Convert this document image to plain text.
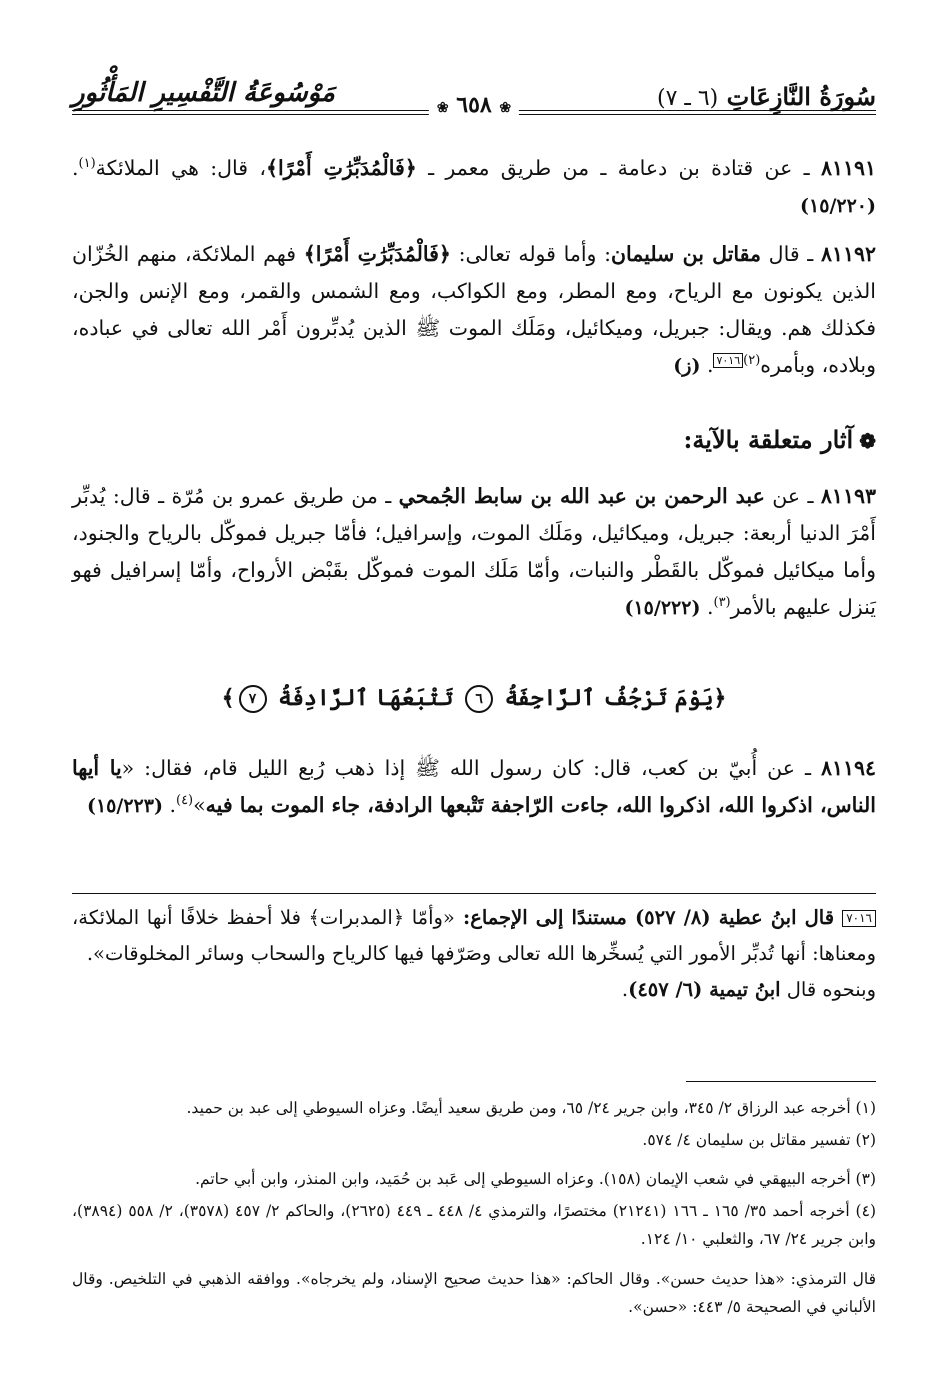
سُورَةُ النَّازِعَاتِ (٦ ـ ٧)
❀ ٦٥٨ ❀
مَوْسُوعَةُ التَّفْسِيرِ المَأْثُورِ
٨١١٩١ ـ عن قتادة بن دعامة ـ من طريق معمر ـ ﴿فَالْمُدَبِّرَٰتِ أَمْرًا﴾، قال: هي الملائكة$^{(١)}$. (١٥/٢٢٠)
٨١١٩٢ ـ قال مقاتل بن سليمان: وأما قوله تعالى: ﴿فَالْمُدَبِّرَٰتِ أَمْرًا﴾ فهم الملائكة، منهم الخُزّان الذين يكونون مع الرياح، ومع المطر، ومع الكواكب، ومع الشمس والقمر، ومع الإنس والجن، فكذلك هم. ويقال: جبريل، وميكائيل، ومَلَك الموت ﷺ الذين يُدبِّرون أَمْر الله تعالى في عباده، وبلاده، وبأمره$^{(٢)}$٧٠١٦. (ز)
❁آثار متعلقة بالآية:
٨١١٩٣ ـ عن عبد الرحمن بن عبد الله بن سابط الجُمحي ـ من طريق عمرو بن مُرّة ـ قال: يُدبِّر أَمْرَ الدنيا أربعة: جبريل، وميكائيل، ومَلَك الموت، وإسرافيل؛ فأمّا جبريل فموكّل بالرياح والجنود، وأما ميكائيل فموكّل بالقَطْر والنبات، وأمّا مَلَك الموت فموكّل بقَبْض الأرواح، وأمّا إسرافيل فهو يَنزل عليهم بالأمر$^{(٣)}$. (١٥/٢٢٢)
﴿يَوْمَ تَرْجُفُ ٱلرَّاجِفَةُ ٦ تَتْبَعُهَا ٱلرَّادِفَةُ ٧﴾
٨١١٩٤ ـ عن أُبيّ بن كعب، قال: كان رسول الله ﷺ إذا ذهب رُبع الليل قام، فقال: «يا أيها الناس، اذكروا الله، اذكروا الله، جاءت الرّاجفة تَتْبعها الرادفة، جاء الموت بما فيه»$^{(٤)}$. (١٥/٢٢٣)
٧٠١٦ قال ابنُ عطية (٨/ ٥٢٧) مستندًا إلى الإجماع: «وأمّا ﴿المدبرات﴾ فلا أحفظ خلافًا أنها الملائكة، ومعناها: أنها تُدبِّر الأمور التي يُسخِّرها الله تعالى وصَرّفها فيها كالرياح والسحاب وسائر المخلوقات».
وبنحوه قال ابنُ تيمية (٦/ ٤٥٧).
(١) أخرجه عبد الرزاق ٢/ ٣٤٥، وابن جرير ٢٤/ ٦٥، ومن طريق سعيد أيضًا. وعزاه السيوطي إلى عبد بن حميد.
(٢) تفسير مقاتل بن سليمان ٤/ ٥٧٤.
(٣) أخرجه البيهقي في شعب الإيمان (١٥٨). وعزاه السيوطي إلى عَبد بن حُمَيد، وابن المنذر، وابن أبي حاتم.
(٤) أخرجه أحمد ٣٥/ ١٦٥ ـ ١٦٦ (٢١٢٤١) مختصرًا، والترمذي ٤/ ٤٤٨ ـ ٤٤٩ (٢٦٢٥)، والحاكم ٢/ ٤٥٧ (٣٥٧٨)، ٢/ ٥٥٨ (٣٨٩٤)، وابن جرير ٢٤/ ٦٧، والثعلبي ١٠/ ١٢٤.
قال الترمذي: «هذا حديث حسن». وقال الحاكم: «هذا حديث صحيح الإسناد، ولم يخرجاه». ووافقه الذهبي في التلخيص. وقال الألباني في الصحيحة ٥/ ٤٤٣: «حسن».
